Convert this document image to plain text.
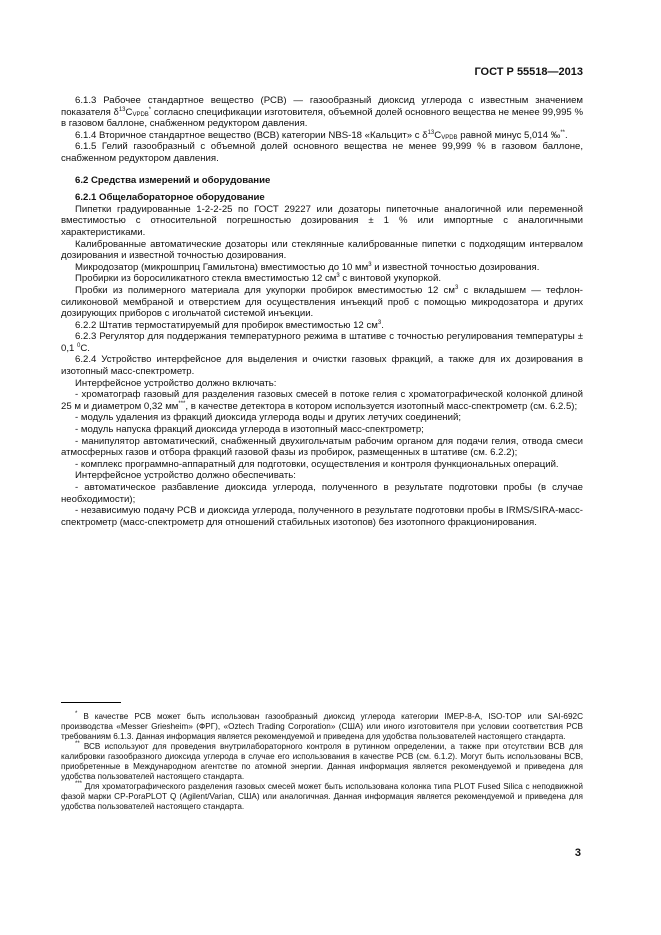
ГОСТ Р 55518—2013

6.1.3 Рабочее стандартное вещество (РСВ) — газообразный диоксид углерода с известным значением показателя $\delta^{13}C_{VPDB}^*$ согласно спецификации изготовителя, объемной долей основного вещества не менее 99,995 % в газовом баллоне, снабженном редуктором давления.

6.1.4 Вторичное стандартное вещество (ВСВ) категории NBS-18 «Кальцит» с $\delta^{13}C_{VPDB}$ равной минус 5,014 ‰**.

6.1.5 Гелий газообразный с объемной долей основного вещества не менее 99,999 % в газовом баллоне, снабженном редуктором давления.

6.2 Средства измерений и оборудование

6.2.1 Общелабораторное оборудование

Пипетки градуированные 1-2-2-25 по ГОСТ 29227 или дозаторы пипеточные аналогичной или переменной вместимостью с относительной погрешностью дозирования ± 1 % или импортные с аналогичными характеристиками.

Калиброванные автоматические дозаторы или стеклянные калиброванные пипетки с подходящим интервалом дозирования и известной точностью дозирования.

Микродозатор (микрошприц Гамильтона) вместимостью до 10 $мм^3$ и известной точностью дозирования.

Пробирки из боросиликатного стекла вместимостью 12 $см^3$ с винтовой укупоркой.

Пробки из полимерного материала для укупорки пробирок вместимостью 12 $см^3$ с вкладышем — тефлон-силиконовой мембраной и отверстием для осуществления инъекций проб с помощью микродозатора и других дозирующих приборов с игольчатой системой инъекции.

6.2.2 Штатив термостатируемый для пробирок вместимостью 12 $см^3$.

6.2.3 Регулятор для поддержания температурного режима в штативе с точностью регулирования температуры ± 0,1 $^0$С.

6.2.4 Устройство интерфейсное для выделения и очистки газовых фракций, а также для их дозирования в изотопный масс-спектрометр.

Интерфейсное устройство должно включать:

- хроматограф газовый для разделения газовых смесей в потоке гелия с хроматографической колонкой длиной 25 м и диаметром 0,32 мм***, в качестве детектора в котором используется изотопный масс-спектрометр (см. 6.2.5);

- модуль удаления из фракций диоксида углерода воды и других летучих соединений;

- модуль напуска фракций диоксида углерода в изотопный масс-спектрометр;

- манипулятор автоматический, снабженный двухигольчатым рабочим органом для подачи гелия, отвода смеси атмосферных газов и отбора фракций газовой фазы из пробирок, размещенных в штативе (см. 6.2.2);

- комплекс программно-аппаратный для подготовки, осуществления и контроля функциональных операций.

Интерфейсное устройство должно обеспечивать:

- автоматическое разбавление диоксида углерода, полученного в результате подготовки пробы (в случае необходимости);

- независимую подачу РСВ и диоксида углерода, полученного в результате подготовки пробы в IRMS/SIRA-масс-спектрометр (масс-спектрометр для отношений стабильных изотопов) без изотопного фракционирования.

* В качестве РСВ может быть использован газообразный диоксид углерода категории IMEP-8-A, ISO-TOP или SAI-692С производства «Messer Griesheim» (ФРГ), «Oztech Trading Corporation» (США) или иного изготовителя при условии соответствия РСВ требованиям 6.1.3. Данная информация является рекомендуемой и приведена для удобства пользователей настоящего стандарта.

** ВСВ используют для проведения внутрилабораторного контроля в рутинном определении, а также при отсутствии ВСВ для калибровки газообразного диоксида углерода в случае его использования в качестве РСВ (см. 6.1.2). Могут быть использованы ВСВ, приобретенные в Международном агентстве по атомной энергии. Данная информация является рекомендуемой и приведена для удобства пользователей настоящего стандарта.

*** Для хроматографического разделения газовых смесей может быть использована колонка типа PLOT Fused Silica с неподвижной фазой марки CP-PoraPLOT Q (Agilent/Varian, США) или аналогичная. Данная информация является рекомендуемой и приведена для удобства пользователей настоящего стандарта.

3
